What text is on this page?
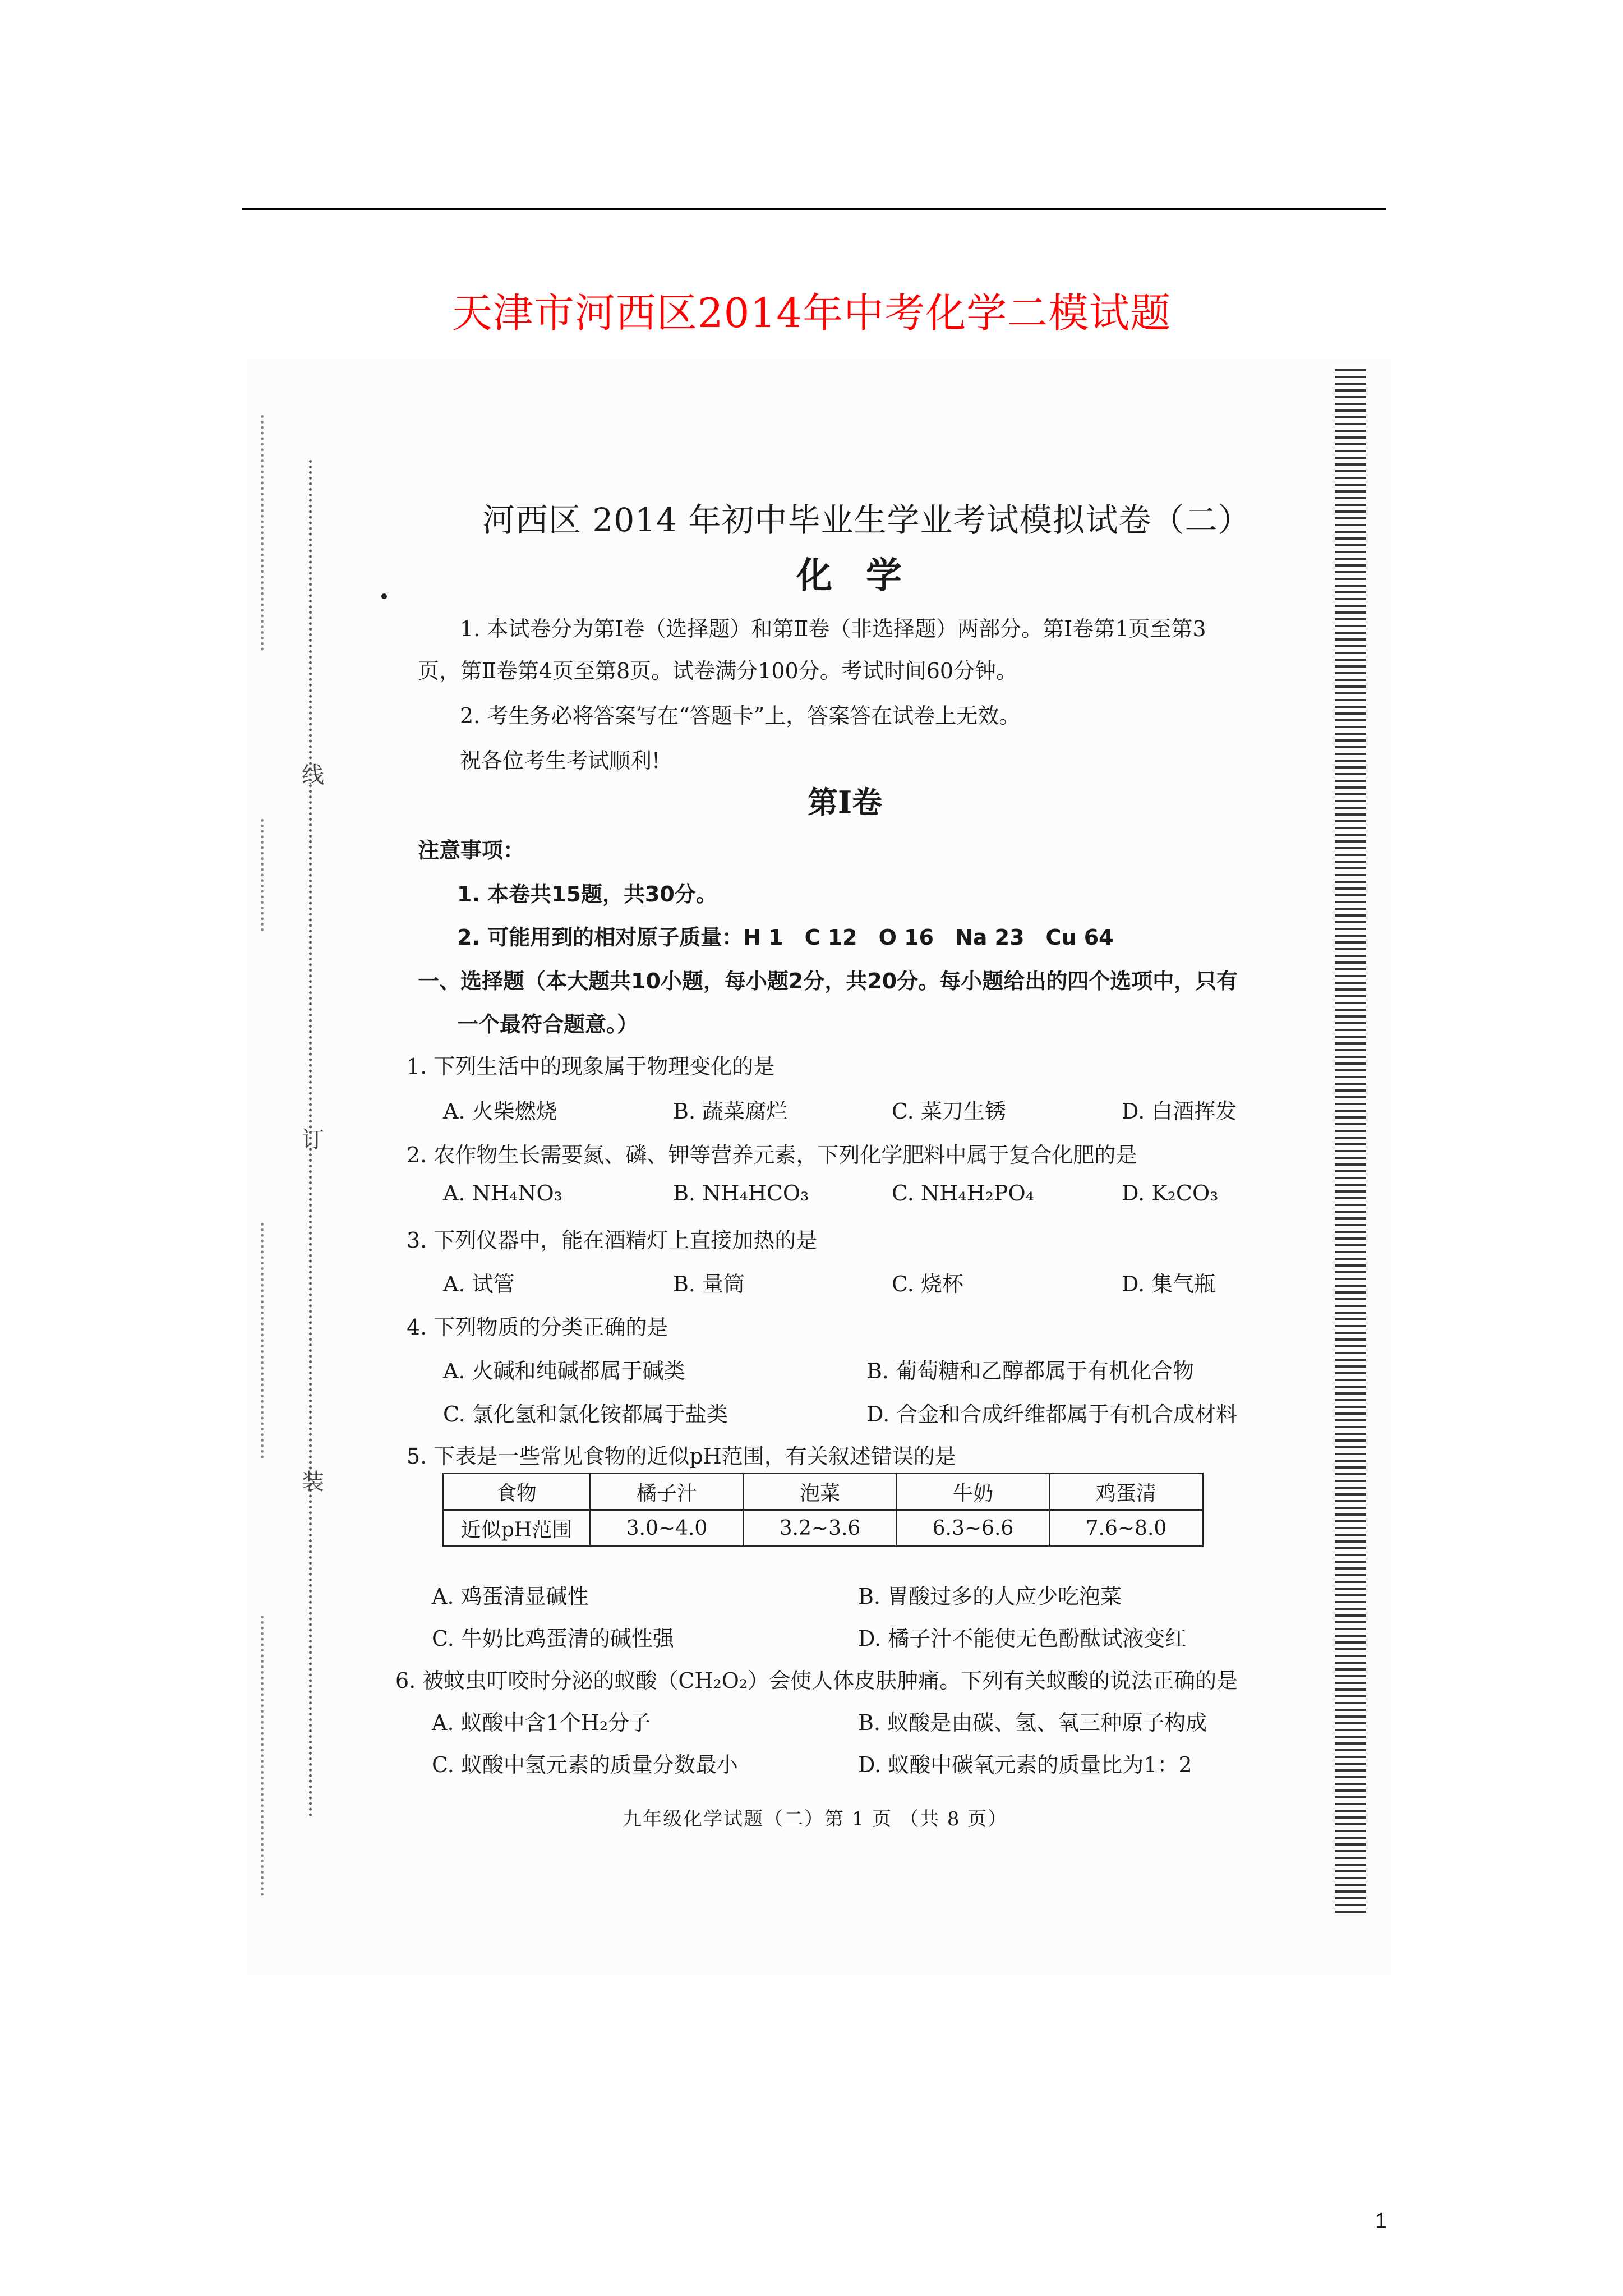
天津市河西区2014年中考化学二模试题
线
订
装
河西区 2014 年初中毕业生学业考试模拟试卷（二）
化学
1. 本试卷分为第Ⅰ卷（选择题）和第Ⅱ卷（非选择题）两部分。第Ⅰ卷第1页至第3
页，第Ⅱ卷第4页至第8页。试卷满分100分。考试时间60分钟。
2. 考生务必将答案写在“答题卡”上，答案答在试卷上无效。
祝各位考生考试顺利!
第Ⅰ卷
注意事项：
1. 本卷共15题，共30分。
2. 可能用到的相对原子质量：H 1　C 12　O 16　Na 23　Cu 64
一、选择题（本大题共10小题，每小题2分，共20分。每小题给出的四个选项中，只有
一个最符合题意。）
1. 下列生活中的现象属于物理变化的是
A. 火柴燃烧	B. 蔬菜腐烂	C. 菜刀生锈	D. 白酒挥发
2. 农作物生长需要氮、磷、钾等营养元素，下列化学肥料中属于复合化肥的是
A. NH₄NO₃	B. NH₄HCO₃	C. NH₄H₂PO₄	D. K₂CO₃
3. 下列仪器中，能在酒精灯上直接加热的是
A. 试管	B. 量筒	C. 烧杯	D. 集气瓶
4. 下列物质的分类正确的是
A. 火碱和纯碱都属于碱类	B. 葡萄糖和乙醇都属于有机化合物
C. 氯化氢和氯化铵都属于盐类	D. 合金和合成纤维都属于有机合成材料
5. 下表是一些常见食物的近似pH范围，有关叙述错误的是
食物	橘子汁	泡菜	牛奶	鸡蛋清
近似pH范围	3.0~4.0	3.2~3.6	6.3~6.6	7.6~8.0
A. 鸡蛋清显碱性	B. 胃酸过多的人应少吃泡菜
C. 牛奶比鸡蛋清的碱性强	D. 橘子汁不能使无色酚酞试液变红
6. 被蚊虫叮咬时分泌的蚁酸（CH₂O₂）会使人体皮肤肿痛。下列有关蚁酸的说法正确的是
A. 蚁酸中含1个H₂分子	B. 蚁酸是由碳、氢、氧三种原子构成
C. 蚁酸中氢元素的质量分数最小	D. 蚁酸中碳氧元素的质量比为1：2
九年级化学试题（二）第 1 页 （共 8 页）
1
